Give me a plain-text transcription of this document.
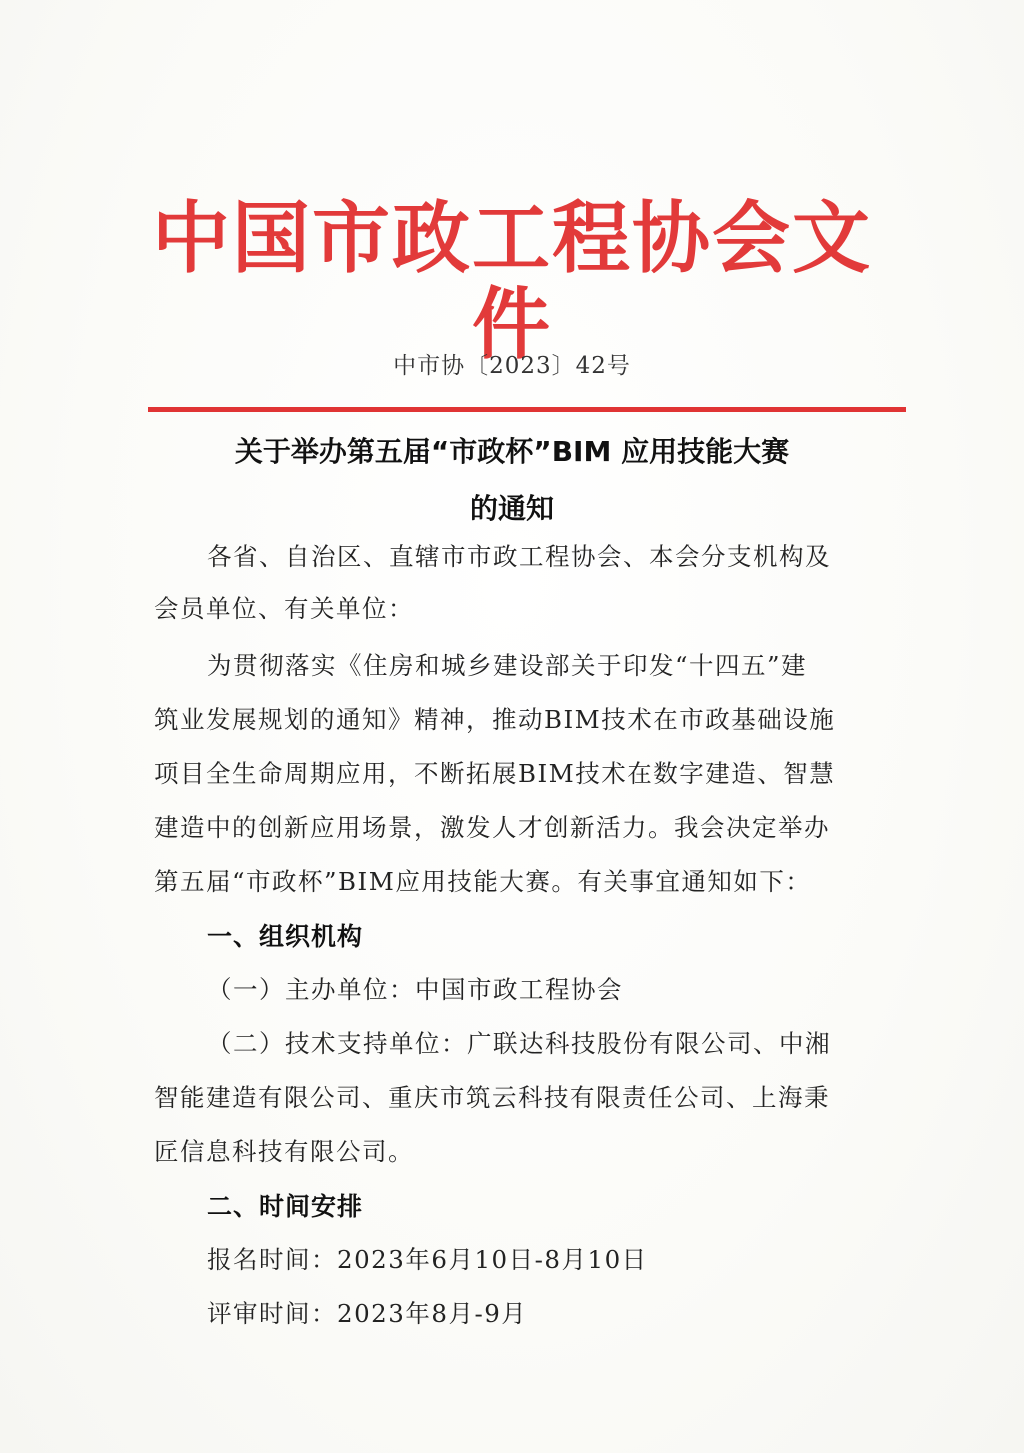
中国市政工程协会文件
中市协〔2023〕42号
关于举办第五届“市政杯”BIM 应用技能大赛
的通知
各省、自治区、直辖市市政工程协会、本会分支机构及
会员单位、有关单位：
为贯彻落实《住房和城乡建设部关于印发“十四五”建
筑业发展规划的通知》精神，推动BIM技术在市政基础设施
项目全生命周期应用，不断拓展BIM技术在数字建造、智慧
建造中的创新应用场景，激发人才创新活力。我会决定举办
第五届“市政杯”BIM应用技能大赛。有关事宜通知如下：
一、组织机构
（一）主办单位：中国市政工程协会
（二）技术支持单位：广联达科技股份有限公司、中湘
智能建造有限公司、重庆市筑云科技有限责任公司、上海秉
匠信息科技有限公司。
二、时间安排
报名时间：2023年6月10日-8月10日
评审时间：2023年8月-9月
